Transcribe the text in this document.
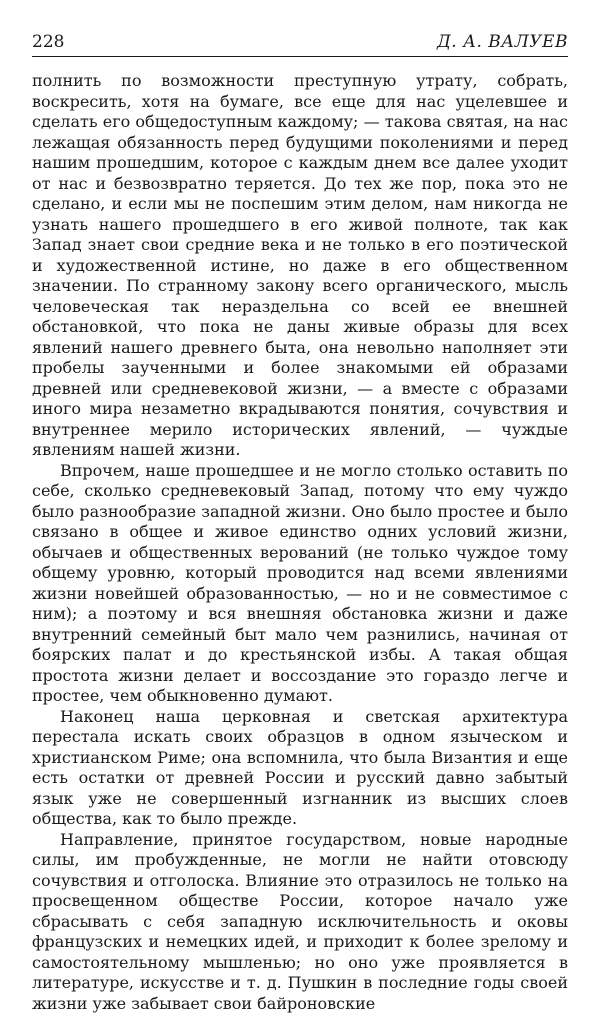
228	Д. А. ВАЛУЕВ

полнить по возможности преступную утрату, собрать, воскресить, хотя на бумаге, все еще для нас уцелевшее и сделать его общедоступным каждому; — такова святая, на нас лежащая обязанность перед будущими поколениями и перед нашим прошедшим, которое с каждым днем все далее уходит от нас и безвозвратно теряется. До тех же пор, пока это не сделано, и если мы не поспешим этим делом, нам никогда не узнать нашего прошедшего в его живой полноте, так как Запад знает свои средние века и не только в его поэтической и художественной истине, но даже в его общественном значении. По странному закону всего органического, мысль человеческая так нераздельна со всей ее внешней обстановкой, что пока не даны живые образы для всех явлений нашего древнего быта, она невольно наполняет эти пробелы заученными и более знакомыми ей образами древней или средневековой жизни, — а вместе с образами иного мира незаметно вкрадываются понятия, сочувствия и внутреннее мерило исторических явлений, — чуждые явлениям нашей жизни.

Впрочем, наше прошедшее и не могло столько оставить по себе, сколько средневековый Запад, потому что ему чуждо было разнообразие западной жизни. Оно было простее и было связано в общее и живое единство одних условий жизни, обычаев и общественных верований (не только чуждое тому общему уровню, который проводится над всеми явлениями жизни новейшей образованностью, — но и не совместимое с ним); а поэтому и вся внешняя обстановка жизни и даже внутренний семейный быт мало чем разнились, начиная от боярских палат и до крестьянской избы. А такая общая простота жизни делает и воссоздание это гораздо легче и простее, чем обыкновенно думают.

Наконец наша церковная и светская архитектура перестала искать своих образцов в одном языческом и христианском Риме; она вспомнила, что была Византия и еще есть остатки от древней России и русский давно забытый язык уже не совершенный изгнанник из высших слоев общества, как то было прежде.

Направление, принятое государством, новые народные силы, им пробужденные, не могли не найти отовсюду сочувствия и отголоска. Влияние это отразилось не только на просвещенном обществе России, которое начало уже сбрасывать с себя западную исключительность и оковы французских и немецких идей, и приходит к более зрелому и самостоятельному мышленью; но оно уже проявляется в литературе, искусстве и т. д. Пушкин в последние годы своей жизни уже забывает свои байроновские
